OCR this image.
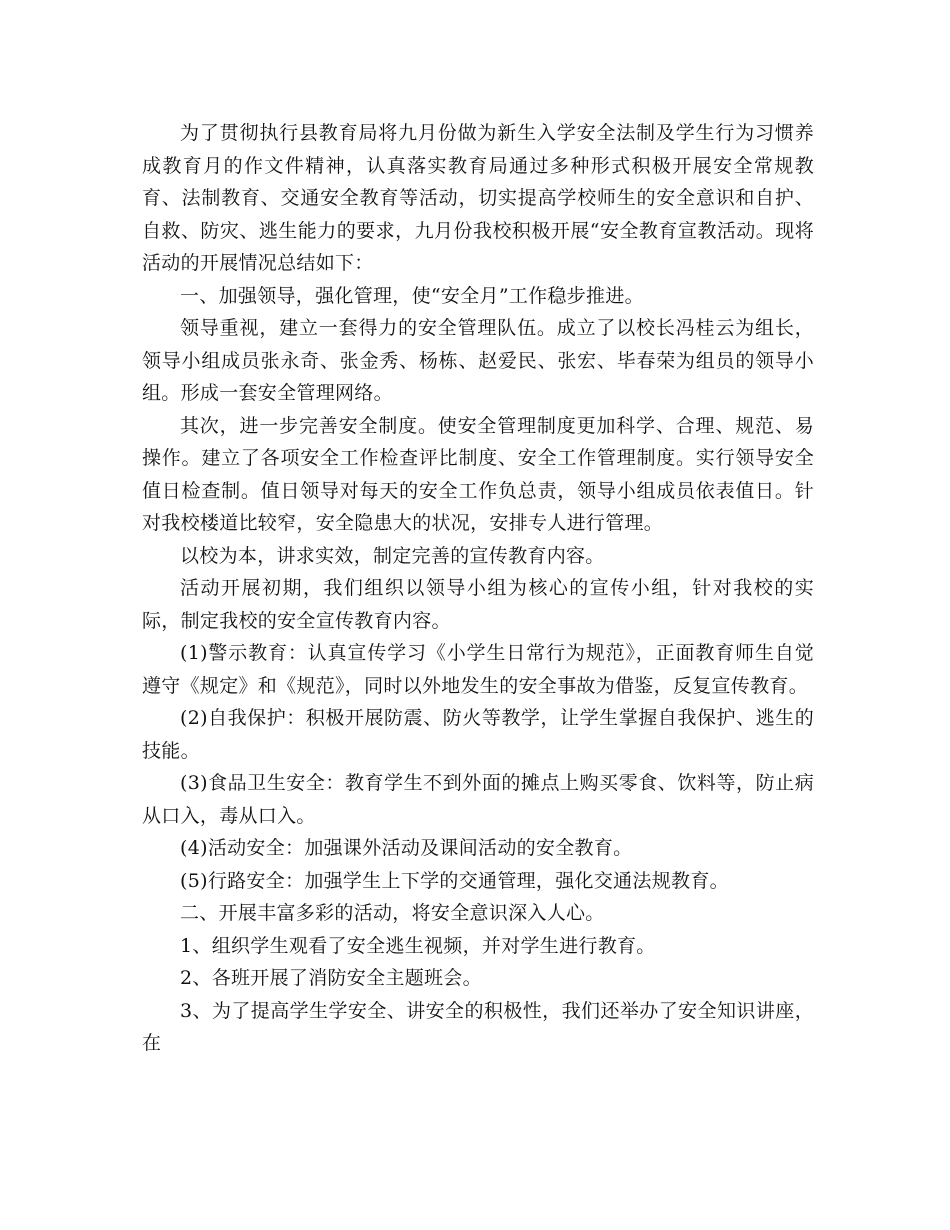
为了贯彻执行县教育局将九月份做为新生入学安全法制及学生行为习惯养成教育月的作文件精神，认真落实教育局通过多种形式积极开展安全常规教育、法制教育、交通安全教育等活动，切实提高学校师生的安全意识和自护、自救、防灾、逃生能力的要求，九月份我校积极开展“安全教育宣教活动。现将活动的开展情况总结如下：

一、加强领导，强化管理，使“安全月”工作稳步推进。

领导重视，建立一套得力的安全管理队伍。成立了以校长冯桂云为组长，领导小组成员张永奇、张金秀、杨栋、赵爱民、张宏、毕春荣为组员的领导小组。形成一套安全管理网络。

其次，进一步完善安全制度。使安全管理制度更加科学、合理、规范、易操作。建立了各项安全工作检查评比制度、安全工作管理制度。实行领导安全值日检查制。值日领导对每天的安全工作负总责，领导小组成员依表值日。针对我校楼道比较窄，安全隐患大的状况，安排专人进行管理。

以校为本，讲求实效，制定完善的宣传教育内容。

活动开展初期，我们组织以领导小组为核心的宣传小组，针对我校的实际，制定我校的安全宣传教育内容。

(1)警示教育：认真宣传学习《小学生日常行为规范》，正面教育师生自觉遵守《规定》和《规范》，同时以外地发生的安全事故为借鉴，反复宣传教育。

(2)自我保护：积极开展防震、防火等教学，让学生掌握自我保护、逃生的技能。

(3)食品卫生安全：教育学生不到外面的摊点上购买零食、饮料等，防止病从口入，毒从口入。

(4)活动安全：加强课外活动及课间活动的安全教育。

(5)行路安全：加强学生上下学的交通管理，强化交通法规教育。

二、开展丰富多彩的活动，将安全意识深入人心。

1、组织学生观看了安全逃生视频，并对学生进行教育。

2、各班开展了消防安全主题班会。

3、为了提高学生学安全、讲安全的积极性，我们还举办了安全知识讲座，在
